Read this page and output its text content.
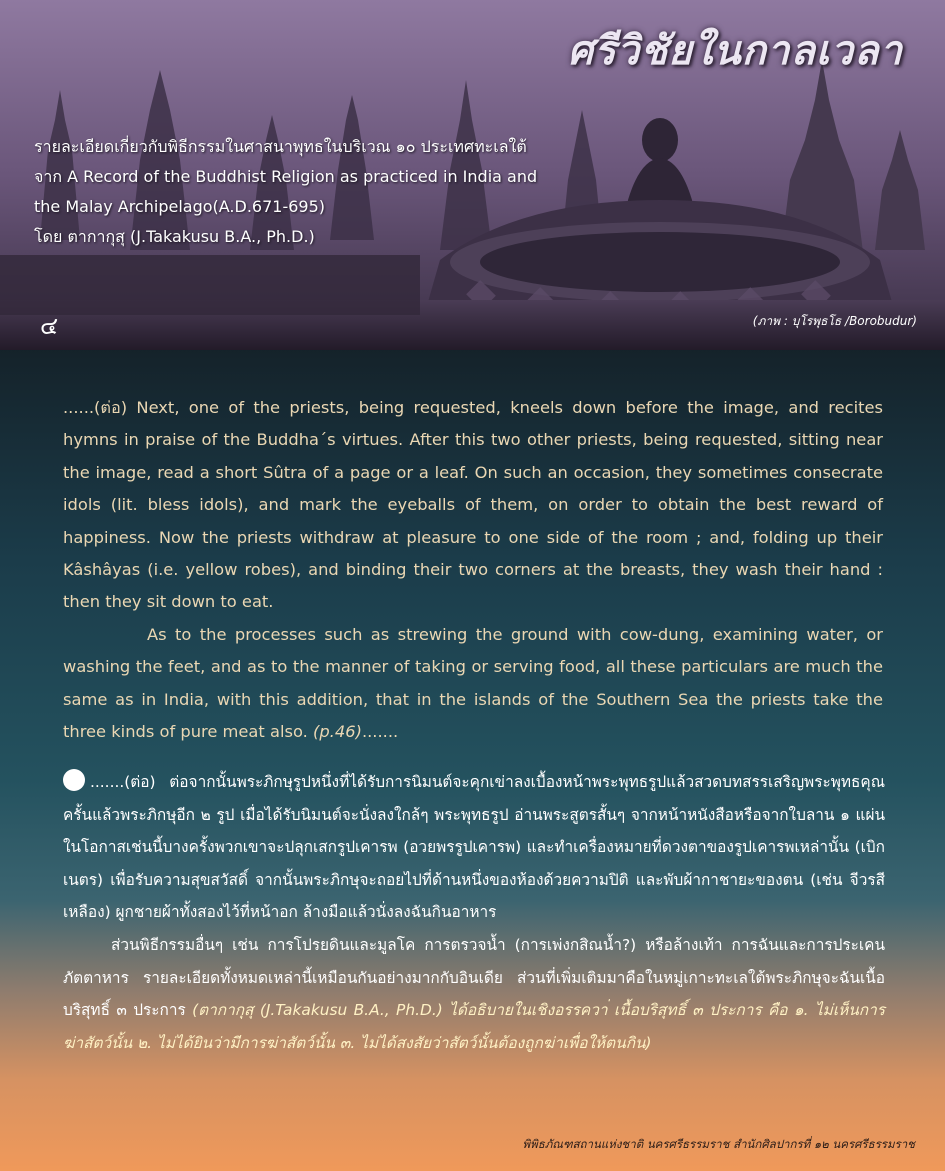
ศรีวิชัยในกาลเวลา
รายละเอียดเกี่ยวกับพิธีกรรมในศาสนาพุทธในบริเวณ ๑๐ ประเทศทะเลใต้
จาก A Record of the Buddhist Religion as practiced in India and
the Malay Archipelago(A.D.671-695)
โดย ตากากุสุ (J.Takakusu B.A., Ph.D.)
๔	(ภาพ : บุโรพุธโธ /Borobudur)

......(ต่อ) Next, one of the priests, being requested, kneels down before the image, and recites hymns in praise of the Buddha´s virtues. After this two other priests, being requested, sitting near the image, read a short Sûtra of a page or a leaf. On such an occasion, they sometimes consecrate idols (lit. bless idols), and mark the eyeballs of them, on order to obtain the best reward of happiness. Now the priests withdraw at pleasure to one side of the room ; and, folding up their Kâshâyas (i.e. yellow robes), and binding their two corners at the breasts, they wash their hand : then they sit down to eat.

As to the processes such as strewing the ground with cow-dung, examining water, or washing the feet, and as to the manner of taking or serving food, all these particulars are much the same as in India, with this addition, that in the islands of the Southern Sea the priests take the three kinds of pure meat also. (p.46).......

.......(ต่อ) ต่อจากนั้นพระภิกษุรูปหนึ่งที่ได้รับการนิมนต์จะคุกเข่าลงเบื้องหน้าพระพุทธรูปแล้วสวดบทสรรเสริญพระพุทธคุณ ครั้นแล้วพระภิกษุอีก ๒ รูป เมื่อได้รับนิมนต์จะนั่งลงใกล้ๆ พระพุทธรูป อ่านพระสูตรสั้นๆ จากหน้าหนังสือหรือจากใบลาน ๑ แผ่น ในโอกาสเช่นนี้บางครั้งพวกเขาจะปลุกเสกรูปเคารพ (อวยพรรูปเคารพ) และทำเครื่องหมายที่ดวงตาของรูปเคารพเหล่านั้น (เบิกเนตร) เพื่อรับความสุขสวัสดิ์ จากนั้นพระภิกษุจะถอยไปที่ด้านหนึ่งของห้องด้วยความปิติ และพับผ้ากาชายะของตน (เช่น จีวรสีเหลือง) ผูกชายผ้าทั้งสองไว้ที่หน้าอก ล้างมือแล้วนั่งลงฉันกินอาหาร

ส่วนพิธีกรรมอื่นๆ เช่น การโปรยดินและมูลโค การตรวจน้ำ (การเพ่งกสิณน้ำ?) หรือล้างเท้า การฉันและการประเคนภัตตาหาร รายละเอียดทั้งหมดเหล่านี้เหมือนกันอย่างมากกับอินเดีย ส่วนที่เพิ่มเติมมาคือในหมู่เกาะทะเลใต้พระภิกษุจะฉันเนื้อบริสุทธิ์ ๓ ประการ (ตากากุสุ (J.Takakusu B.A., Ph.D.) ได้อธิบายในเชิงอรรควา่ เนื้อบริสุทธิ์ ๓ ประการ คือ ๑. ไม่เห็นการฆ่าสัตว์นั้น ๒. ไม่ได้ยินว่ามีการฆ่าสัตว์นั้น ๓. ไม่ได้สงสัยว่าสัตว์นั้นต้องถูกฆ่าเพื่อให้ตนกิน)

พิพิธภัณฑสถานแห่งชาติ นครศรีธรรมราช สำนักศิลปากรที่ ๑๒ นครศรีธรรมราช
